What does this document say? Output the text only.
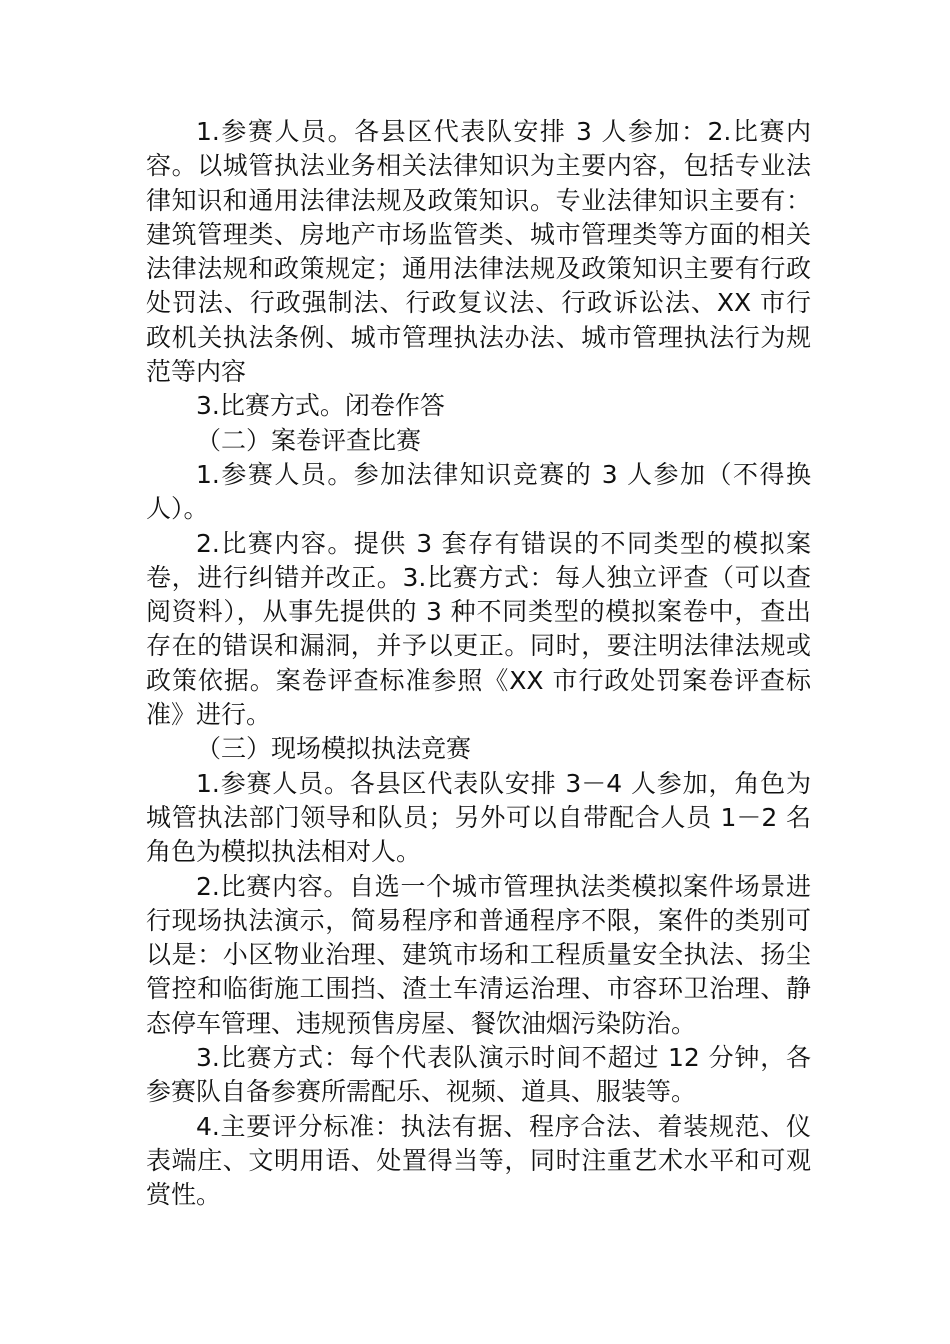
1.参赛人员。各县区代表队安排 3 人参加：2.比赛内容。以城管执法业务相关法律知识为主要内容，包括专业法律知识和通用法律法规及政策知识。专业法律知识主要有：建筑管理类、房地产市场监管类、城市管理类等方面的相关法律法规和政策规定；通用法律法规及政策知识主要有行政处罚法、行政强制法、行政复议法、行政诉讼法、XX 市行政机关执法条例、城市管理执法办法、城市管理执法行为规范等内容

3.比赛方式。闭卷作答

（二）案卷评查比赛

1.参赛人员。参加法律知识竞赛的 3 人参加（不得换人）。

2.比赛内容。提供 3 套存有错误的不同类型的模拟案卷，进行纠错并改正。3.比赛方式：每人独立评查（可以查阅资料），从事先提供的 3 种不同类型的模拟案卷中，查出存在的错误和漏洞，并予以更正。同时，要注明法律法规或政策依据。案卷评查标准参照《XX 市行政处罚案卷评查标准》进行。

（三）现场模拟执法竞赛

1.参赛人员。各县区代表队安排 3－4 人参加，角色为城管执法部门领导和队员；另外可以自带配合人员 1－2 名角色为模拟执法相对人。

2.比赛内容。自选一个城市管理执法类模拟案件场景进行现场执法演示，简易程序和普通程序不限，案件的类别可以是：小区物业治理、建筑市场和工程质量安全执法、扬尘管控和临街施工围挡、渣土车清运治理、市容环卫治理、静态停车管理、违规预售房屋、餐饮油烟污染防治。

3.比赛方式：每个代表队演示时间不超过 12 分钟，各参赛队自备参赛所需配乐、视频、道具、服装等。

4.主要评分标准：执法有据、程序合法、着装规范、仪表端庄、文明用语、处置得当等，同时注重艺术水平和可观赏性。
